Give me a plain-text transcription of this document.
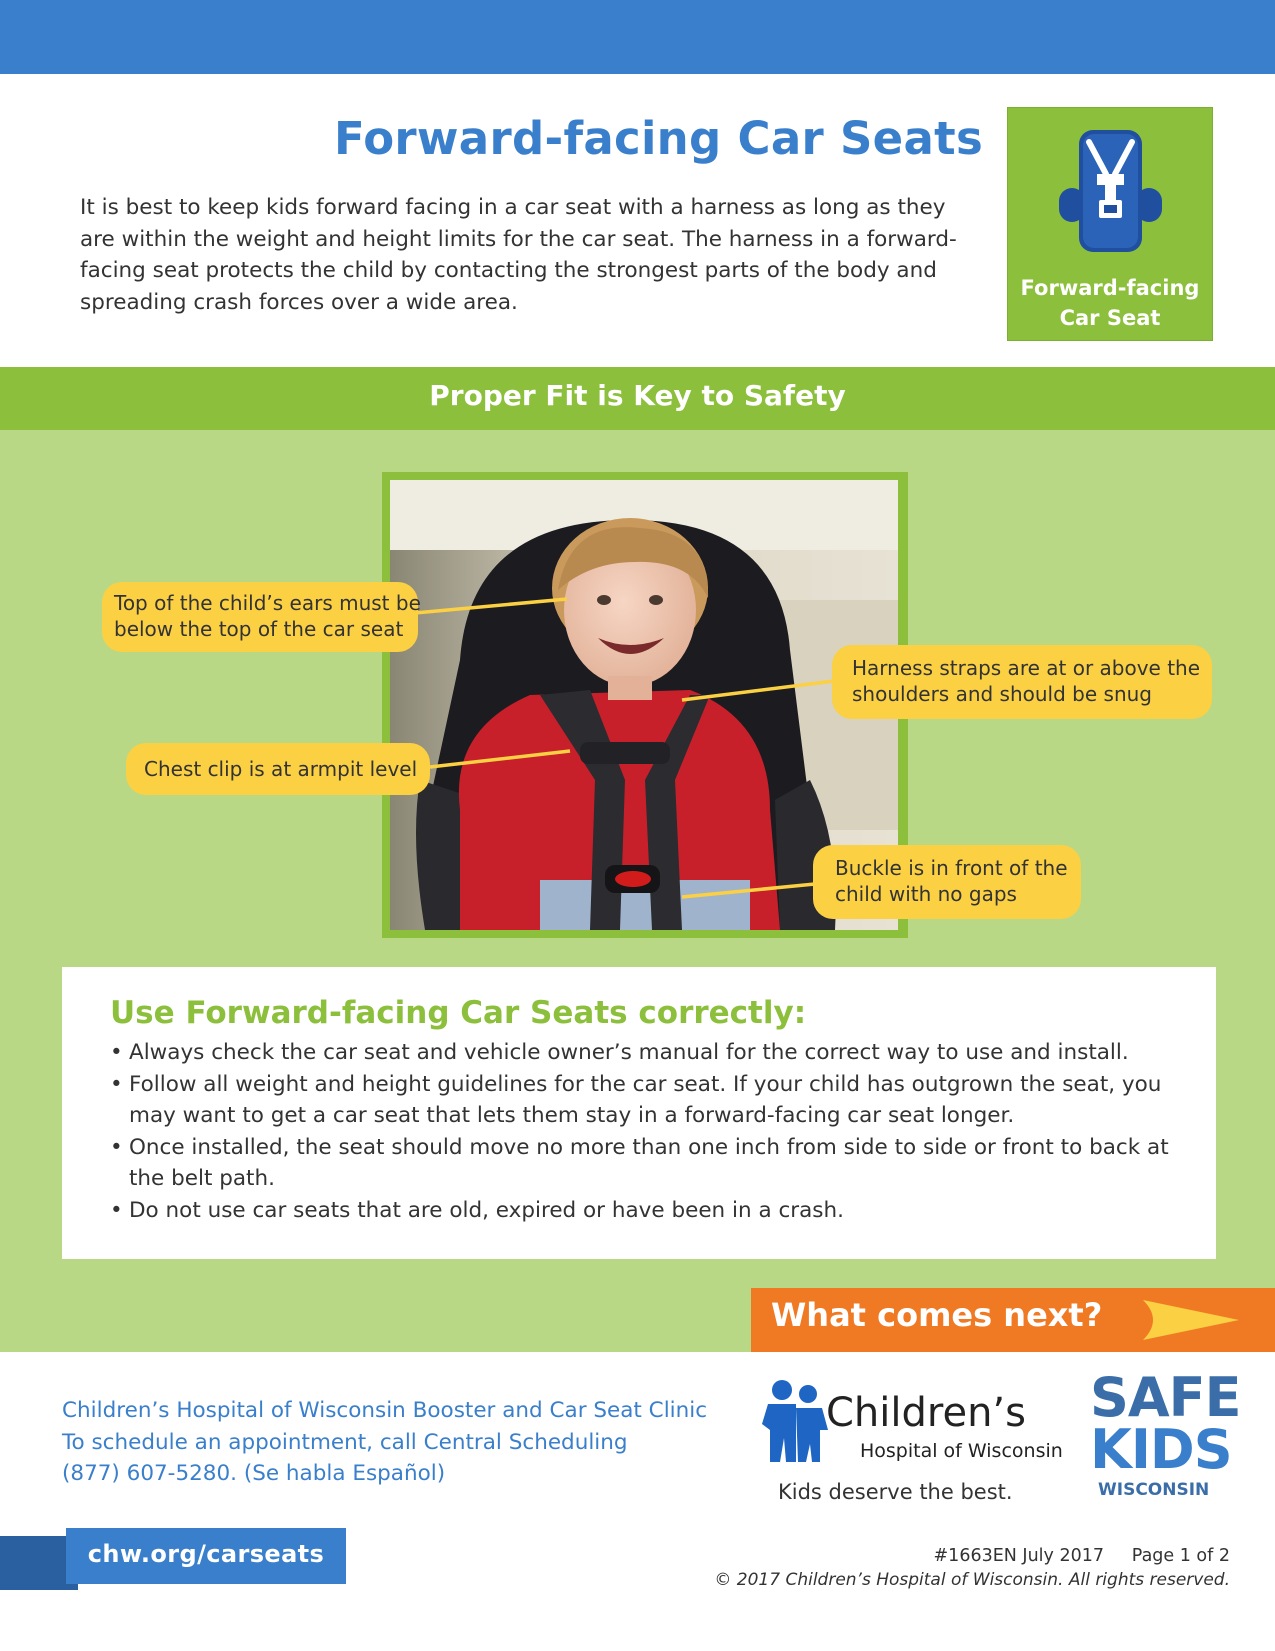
Forward-facing Car Seats

It is best to keep kids forward facing in a car seat with a harness as long as they are within the weight and height limits for the car seat. The harness in a forward-facing seat protects the child by contacting the strongest parts of the body and spreading crash forces over a wide area.

Forward-facing
Car Seat
Proper Fit is Key to Safety
Top of the child’s ears must be
below the top of the car seat
Harness straps are at or above the
shoulders and should be snug
Chest clip is at armpit level
Buckle is in front of the
child with no gaps
Use Forward-facing Car Seats correctly:
• Always check the car seat and vehicle owner’s manual for the correct way to use and install.
• Follow all weight and height guidelines for the car seat. If your child has outgrown the seat, you may want to get a car seat that lets them stay in a forward-facing car seat longer.
• Once installed, the seat should move no more than one inch from side to side or front to back at the belt path.
• Do not use car seats that are old, expired or have been in a crash.
What comes next?
Children’s Hospital of Wisconsin Booster and Car Seat Clinic
To schedule an appointment, call Central Scheduling
(877) 607-5280. (Se habla Español)
Children’s
Hospital of Wisconsin
Kids deserve the best.
SAFE
KIDS
WISCONSIN
chw.org/carseats	#1663EN July 2017     Page 1 of 2
© 2017 Children’s Hospital of Wisconsin. All rights reserved.
